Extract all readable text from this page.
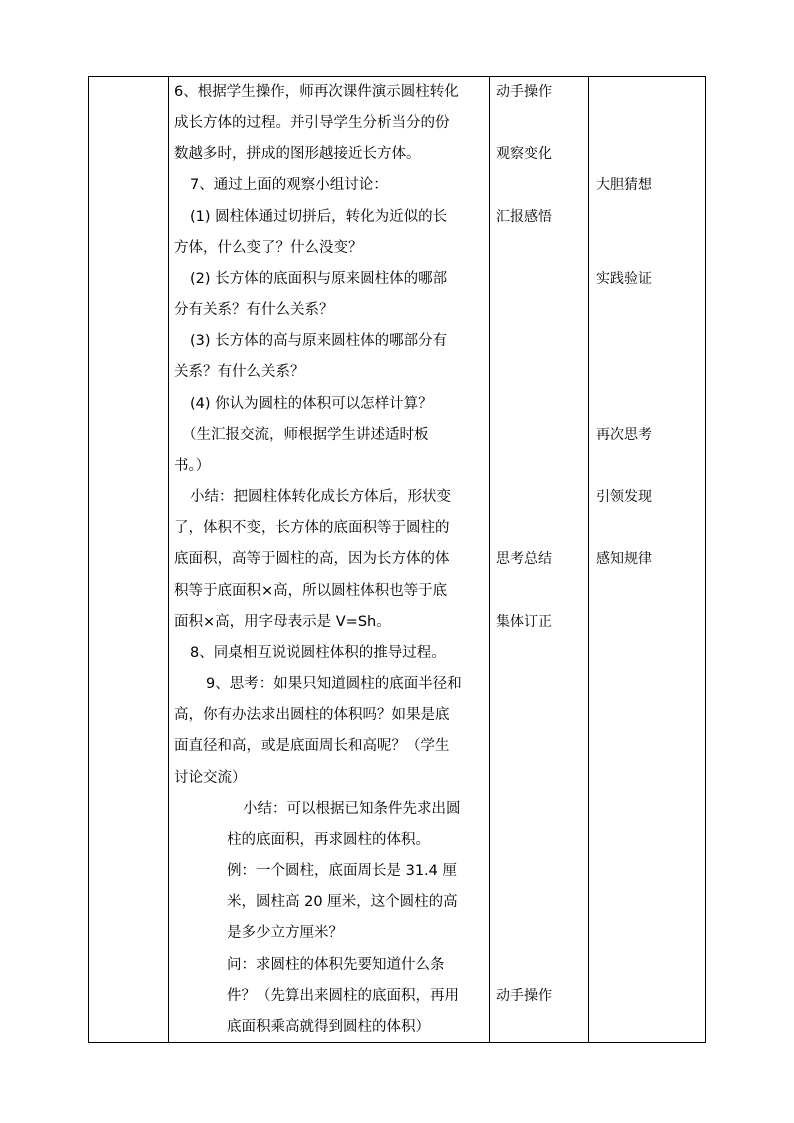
6、根据学生操作，师再次课件演示圆柱转化
成长方体的过程。并引导学生分析当分的份
数越多时，拼成的图形越接近长方体。
7、通过上面的观察小组讨论：
(1) 圆柱体通过切拼后，转化为近似的长
方体，什么变了？什么没变？
(2) 长方体的底面积与原来圆柱体的哪部
分有关系？有什么关系？
(3) 长方体的高与原来圆柱体的哪部分有
关系？有什么关系？
(4) 你认为圆柱的体积可以怎样计算？
（生汇报交流，师根据学生讲述适时板
书。）
小结：把圆柱体转化成长方体后，形状变
了，体积不变，长方体的底面积等于圆柱的
底面积，高等于圆柱的高，因为长方体的体
积等于底面积×高，所以圆柱体积也等于底
面积×高，用字母表示是 V=Sh。
8、同桌相互说说圆柱体积的推导过程。
9、思考：如果只知道圆柱的底面半径和
高，你有办法求出圆柱的体积吗？如果是底
面直径和高，或是底面周长和高呢？（学生
讨论交流）
小结：可以根据已知条件先求出圆
柱的底面积，再求圆柱的体积。
例：一个圆柱，底面周长是 31.4 厘
米，圆柱高 20 厘米，这个圆柱的高
是多少立方厘米？
问：求圆柱的体积先要知道什么条
件？（先算出来圆柱的底面积，再用
底面积乘高就得到圆柱的体积）
动手操作
观察变化
汇报感悟
思考总结
集体订正
动手操作
大胆猜想
实践验证
再次思考
引领发现
感知规律
